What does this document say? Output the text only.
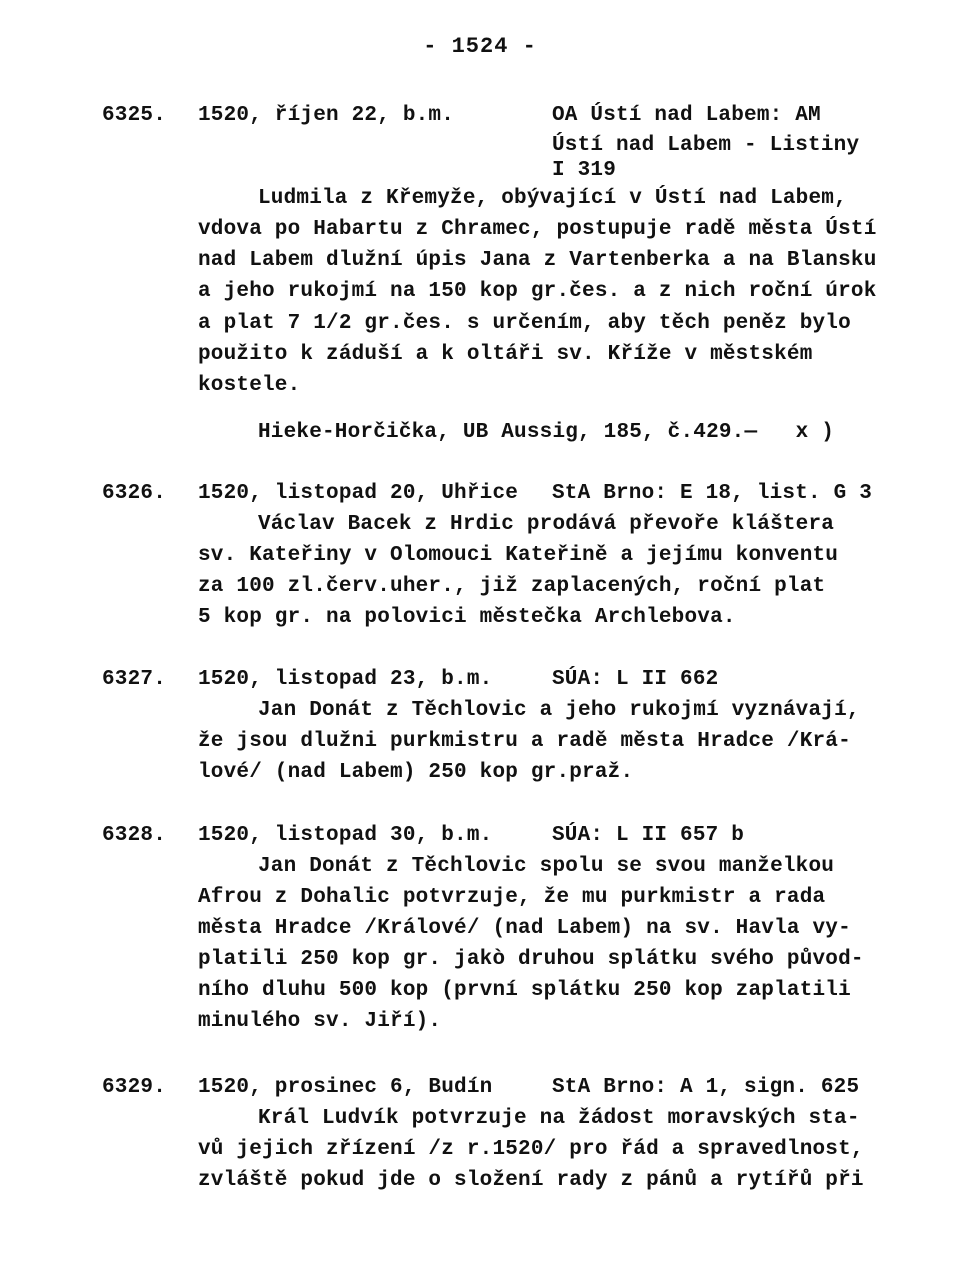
- 1524 -
6325. 1520, říjen 22, b.m.	OA Ústí nad Labem: AM
Ústí nad Labem - Listiny
I 319
Ludmila z Křemyže, obývající v Ústí nad Labem,
vdova po Habartu z Chramec, postupuje radě města Ústí
nad Labem dlužní úpis Jana z Vartenberka a na Blansku
a jeho rukojmí na 150 kop gr.čes. a z nich roční úrok
a plat 7 1/2 gr.čes. s určením, aby těch peněz bylo
použito k záduší a k oltáři sv. Kříže v městském
kostele.
Hieke-Horčička, UB Aussig, 185, č.429.—   x )
6326. 1520, listopad 20, Uhřice StA Brno: E 18, list. G 3
Václav Bacek z Hrdic prodává převoře kláštera
sv. Kateřiny v Olomouci Kateřině a jejímu konventu
za 100 zl.červ.uher., již zaplacených, roční plat
5 kop gr. na polovici městečka Archlebova.
6327. 1520, listopad 23, b.m.	SÚA: L II 662
Jan Donát z Těchlovic a jeho rukojmí vyznávají,
že jsou dlužni purkmistru a radě města Hradce /Krá-
lové/ (nad Labem) 250 kop gr.praž.
6328. 1520, listopad 30, b.m.	SÚA: L II 657 b
Jan Donát z Těchlovic spolu se svou manželkou
Afrou z Dohalic potvrzuje, že mu purkmistr a rada
města Hradce /Králové/ (nad Labem) na sv. Havla vy-
platili 250 kop gr. jakò druhou splátku svého původ-
ního dluhu 500 kop (první splátku 250 kop zaplatili
minulého sv. Jiří).
6329. 1520, prosinec 6, Budín	StA Brno: A 1, sign. 625
Král Ludvík potvrzuje na žádost moravských sta-
vů jejich zřízení /z r.1520/ pro řád a spravedlnost,
zvláště pokud jde o složení rady z pánů a rytířů při
